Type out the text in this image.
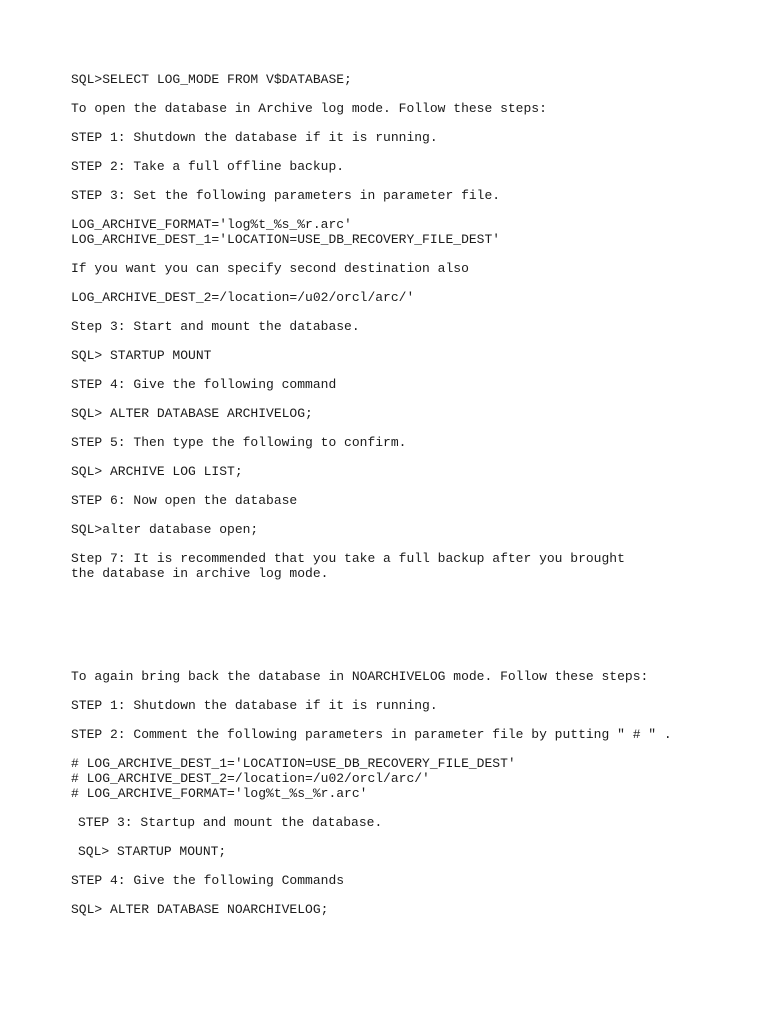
SQL>SELECT LOG_MODE FROM V$DATABASE;

To open the database in Archive log mode. Follow these steps:

STEP 1: Shutdown the database if it is running.

STEP 2: Take a full offline backup.

STEP 3: Set the following parameters in parameter file.

LOG_ARCHIVE_FORMAT='log%t_%s_%r.arc'
LOG_ARCHIVE_DEST_1='LOCATION=USE_DB_RECOVERY_FILE_DEST'

If you want you can specify second destination also

LOG_ARCHIVE_DEST_2=/location=/u02/orcl/arc/'

Step 3: Start and mount the database.

SQL> STARTUP MOUNT

STEP 4: Give the following command

SQL> ALTER DATABASE ARCHIVELOG;

STEP 5: Then type the following to confirm.

SQL> ARCHIVE LOG LIST;

STEP 6: Now open the database

SQL>alter database open;

Step 7: It is recommended that you take a full backup after you brought the database in archive log mode.

To again bring back the database in NOARCHIVELOG mode. Follow these steps:

STEP 1: Shutdown the database if it is running.

STEP 2: Comment the following parameters in parameter file by putting " # " .

# LOG_ARCHIVE_DEST_1='LOCATION=USE_DB_RECOVERY_FILE_DEST'
# LOG_ARCHIVE_DEST_2=/location=/u02/orcl/arc/'
# LOG_ARCHIVE_FORMAT='log%t_%s_%r.arc'

STEP 3: Startup and mount the database.

SQL> STARTUP MOUNT;

STEP 4: Give the following Commands

SQL> ALTER DATABASE NOARCHIVELOG;
